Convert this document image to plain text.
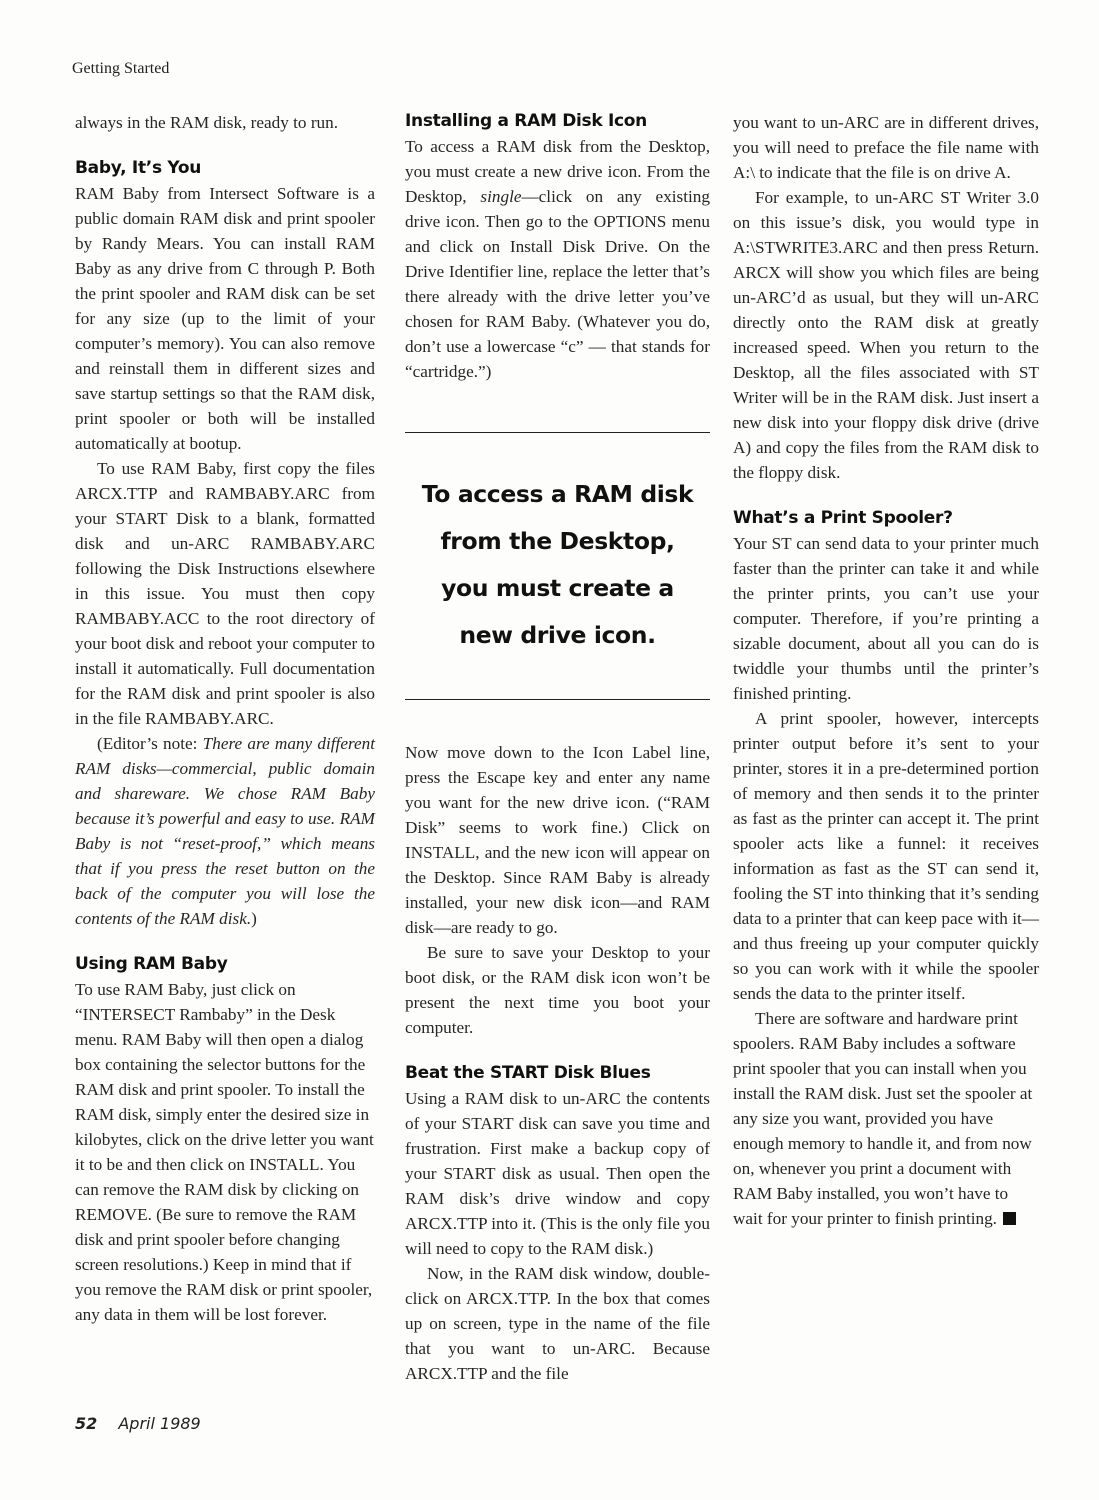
Getting Started

always in the RAM disk, ready to run.

Baby, It’s You

RAM Baby from Intersect Software is a public domain RAM disk and print spooler by Randy Mears. You can install RAM Baby as any drive from C through P. Both the print spooler and RAM disk can be set for any size (up to the limit of your computer’s memory). You can also remove and reinstall them in different sizes and save startup settings so that the RAM disk, print spooler or both will be installed automatically at bootup.

To use RAM Baby, first copy the files ARCX.TTP and RAMBABY.ARC from your START Disk to a blank, formatted disk and un-ARC RAMBABY.ARC following the Disk Instructions elsewhere in this issue. You must then copy RAMBABY.ACC to the root directory of your boot disk and reboot your computer to install it automatically. Full documentation for the RAM disk and print spooler is also in the file RAMBABY.ARC.

(Editor’s note: There are many different RAM disks—commercial, public domain and shareware. We chose RAM Baby because it’s powerful and easy to use. RAM Baby is not “reset-proof,” which means that if you press the reset button on the back of the computer you will lose the contents of the RAM disk.)

Using RAM Baby

To use RAM Baby, just click on “INTERSECT Rambaby” in the Desk menu. RAM Baby will then open a dialog box containing the selector buttons for the RAM disk and print spooler. To install the RAM disk, simply enter the desired size in kilobytes, click on the drive letter you want it to be and then click on INSTALL. You can remove the RAM disk by clicking on REMOVE. (Be sure to remove the RAM disk and print spooler before changing screen resolutions.) Keep in mind that if you remove the RAM disk or print spooler, any data in them will be lost forever.

Installing a RAM Disk Icon

To access a RAM disk from the Desktop, you must create a new drive icon. From the Desktop, single—click on any existing drive icon. Then go to the OPTIONS menu and click on Install Disk Drive. On the Drive Identifier line, replace the letter that’s there already with the drive letter you’ve chosen for RAM Baby. (Whatever you do, don’t use a lowercase “c” — that stands for “cartridge.”)

To access a RAM disk from the Desktop, you must create a new drive icon.

Now move down to the Icon Label line, press the Escape key and enter any name you want for the new drive icon. (“RAM Disk” seems to work fine.) Click on INSTALL, and the new icon will appear on the Desktop. Since RAM Baby is already installed, your new disk icon—and RAM disk—are ready to go.

Be sure to save your Desktop to your boot disk, or the RAM disk icon won’t be present the next time you boot your computer.

Beat the START Disk Blues

Using a RAM disk to un-ARC the contents of your START disk can save you time and frustration. First make a backup copy of your START disk as usual. Then open the RAM disk’s drive window and copy ARCX.TTP into it. (This is the only file you will need to copy to the RAM disk.)

Now, in the RAM disk window, double-click on ARCX.TTP. In the box that comes up on screen, type in the name of the file that you want to un-ARC. Because ARCX.TTP and the file

you want to un-ARC are in different drives, you will need to preface the file name with A:\ to indicate that the file is on drive A.

For example, to un-ARC ST Writer 3.0 on this issue’s disk, you would type in A:\STWRITE3.ARC and then press Return. ARCX will show you which files are being un-ARC’d as usual, but they will un-ARC directly onto the RAM disk at greatly increased speed. When you return to the Desktop, all the files associated with ST Writer will be in the RAM disk. Just insert a new disk into your floppy disk drive (drive A) and copy the files from the RAM disk to the floppy disk.

What’s a Print Spooler?

Your ST can send data to your printer much faster than the printer can take it and while the printer prints, you can’t use your computer. Therefore, if you’re printing a sizable document, about all you can do is twiddle your thumbs until the printer’s finished printing.

A print spooler, however, intercepts printer output before it’s sent to your printer, stores it in a pre-determined portion of memory and then sends it to the printer as fast as the printer can accept it. The print spooler acts like a funnel: it receives information as fast as the ST can send it, fooling the ST into thinking that it’s sending data to a printer that can keep pace with it—and thus freeing up your computer quickly so you can work with it while the spooler sends the data to the printer itself.

There are software and hardware print spoolers. RAM Baby includes a software print spooler that you can install when you install the RAM disk. Just set the spooler at any size you want, provided you have enough memory to handle it, and from now on, whenever you print a document with RAM Baby installed, you won’t have to wait for your printer to finish printing.

52 April 1989
